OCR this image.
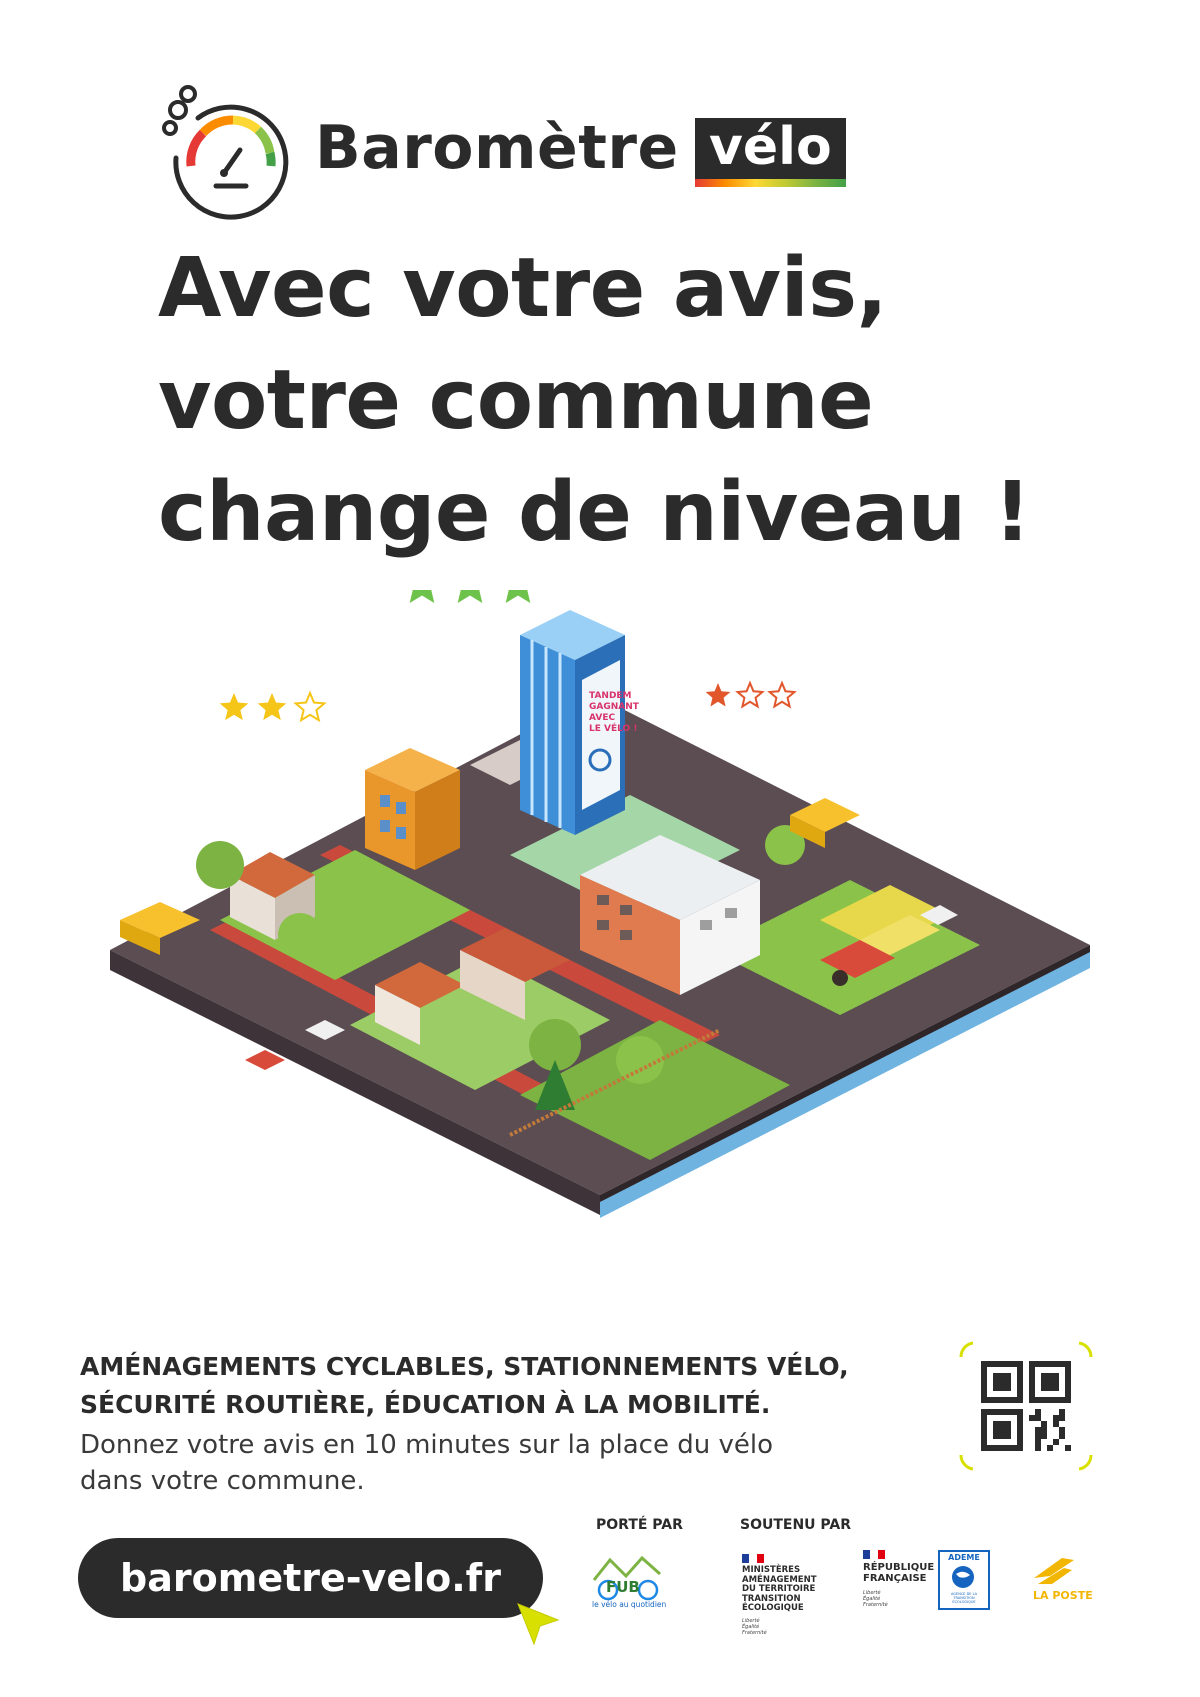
Baromètre vélo
Avec votre avis,
votre commune
change de niveau !
TANDEM
GAGNANT
AVEC
LE VÉLO !
AMÉNAGEMENTS CYCLABLES, STATIONNEMENTS VÉLO,
SÉCURITÉ ROUTIÈRE, ÉDUCATION À LA MOBILITÉ.
Donnez votre avis en 10 minutes sur la place du vélo
dans votre commune.
barometre-velo.fr
PORTÉ PAR	SOUTENU PAR
FUB
le vélo au quotidien
MINISTÈRES
AMÉNAGEMENT
DU TERRITOIRE
TRANSITION
ÉCOLOGIQUE
Liberté
Égalité
Fraternité
RÉPUBLIQUE
FRANÇAISE
Liberté
Égalité
Fraternité
ADEME
AGENCE DE LA
TRANSITION
ÉCOLOGIQUE	LA POSTE
